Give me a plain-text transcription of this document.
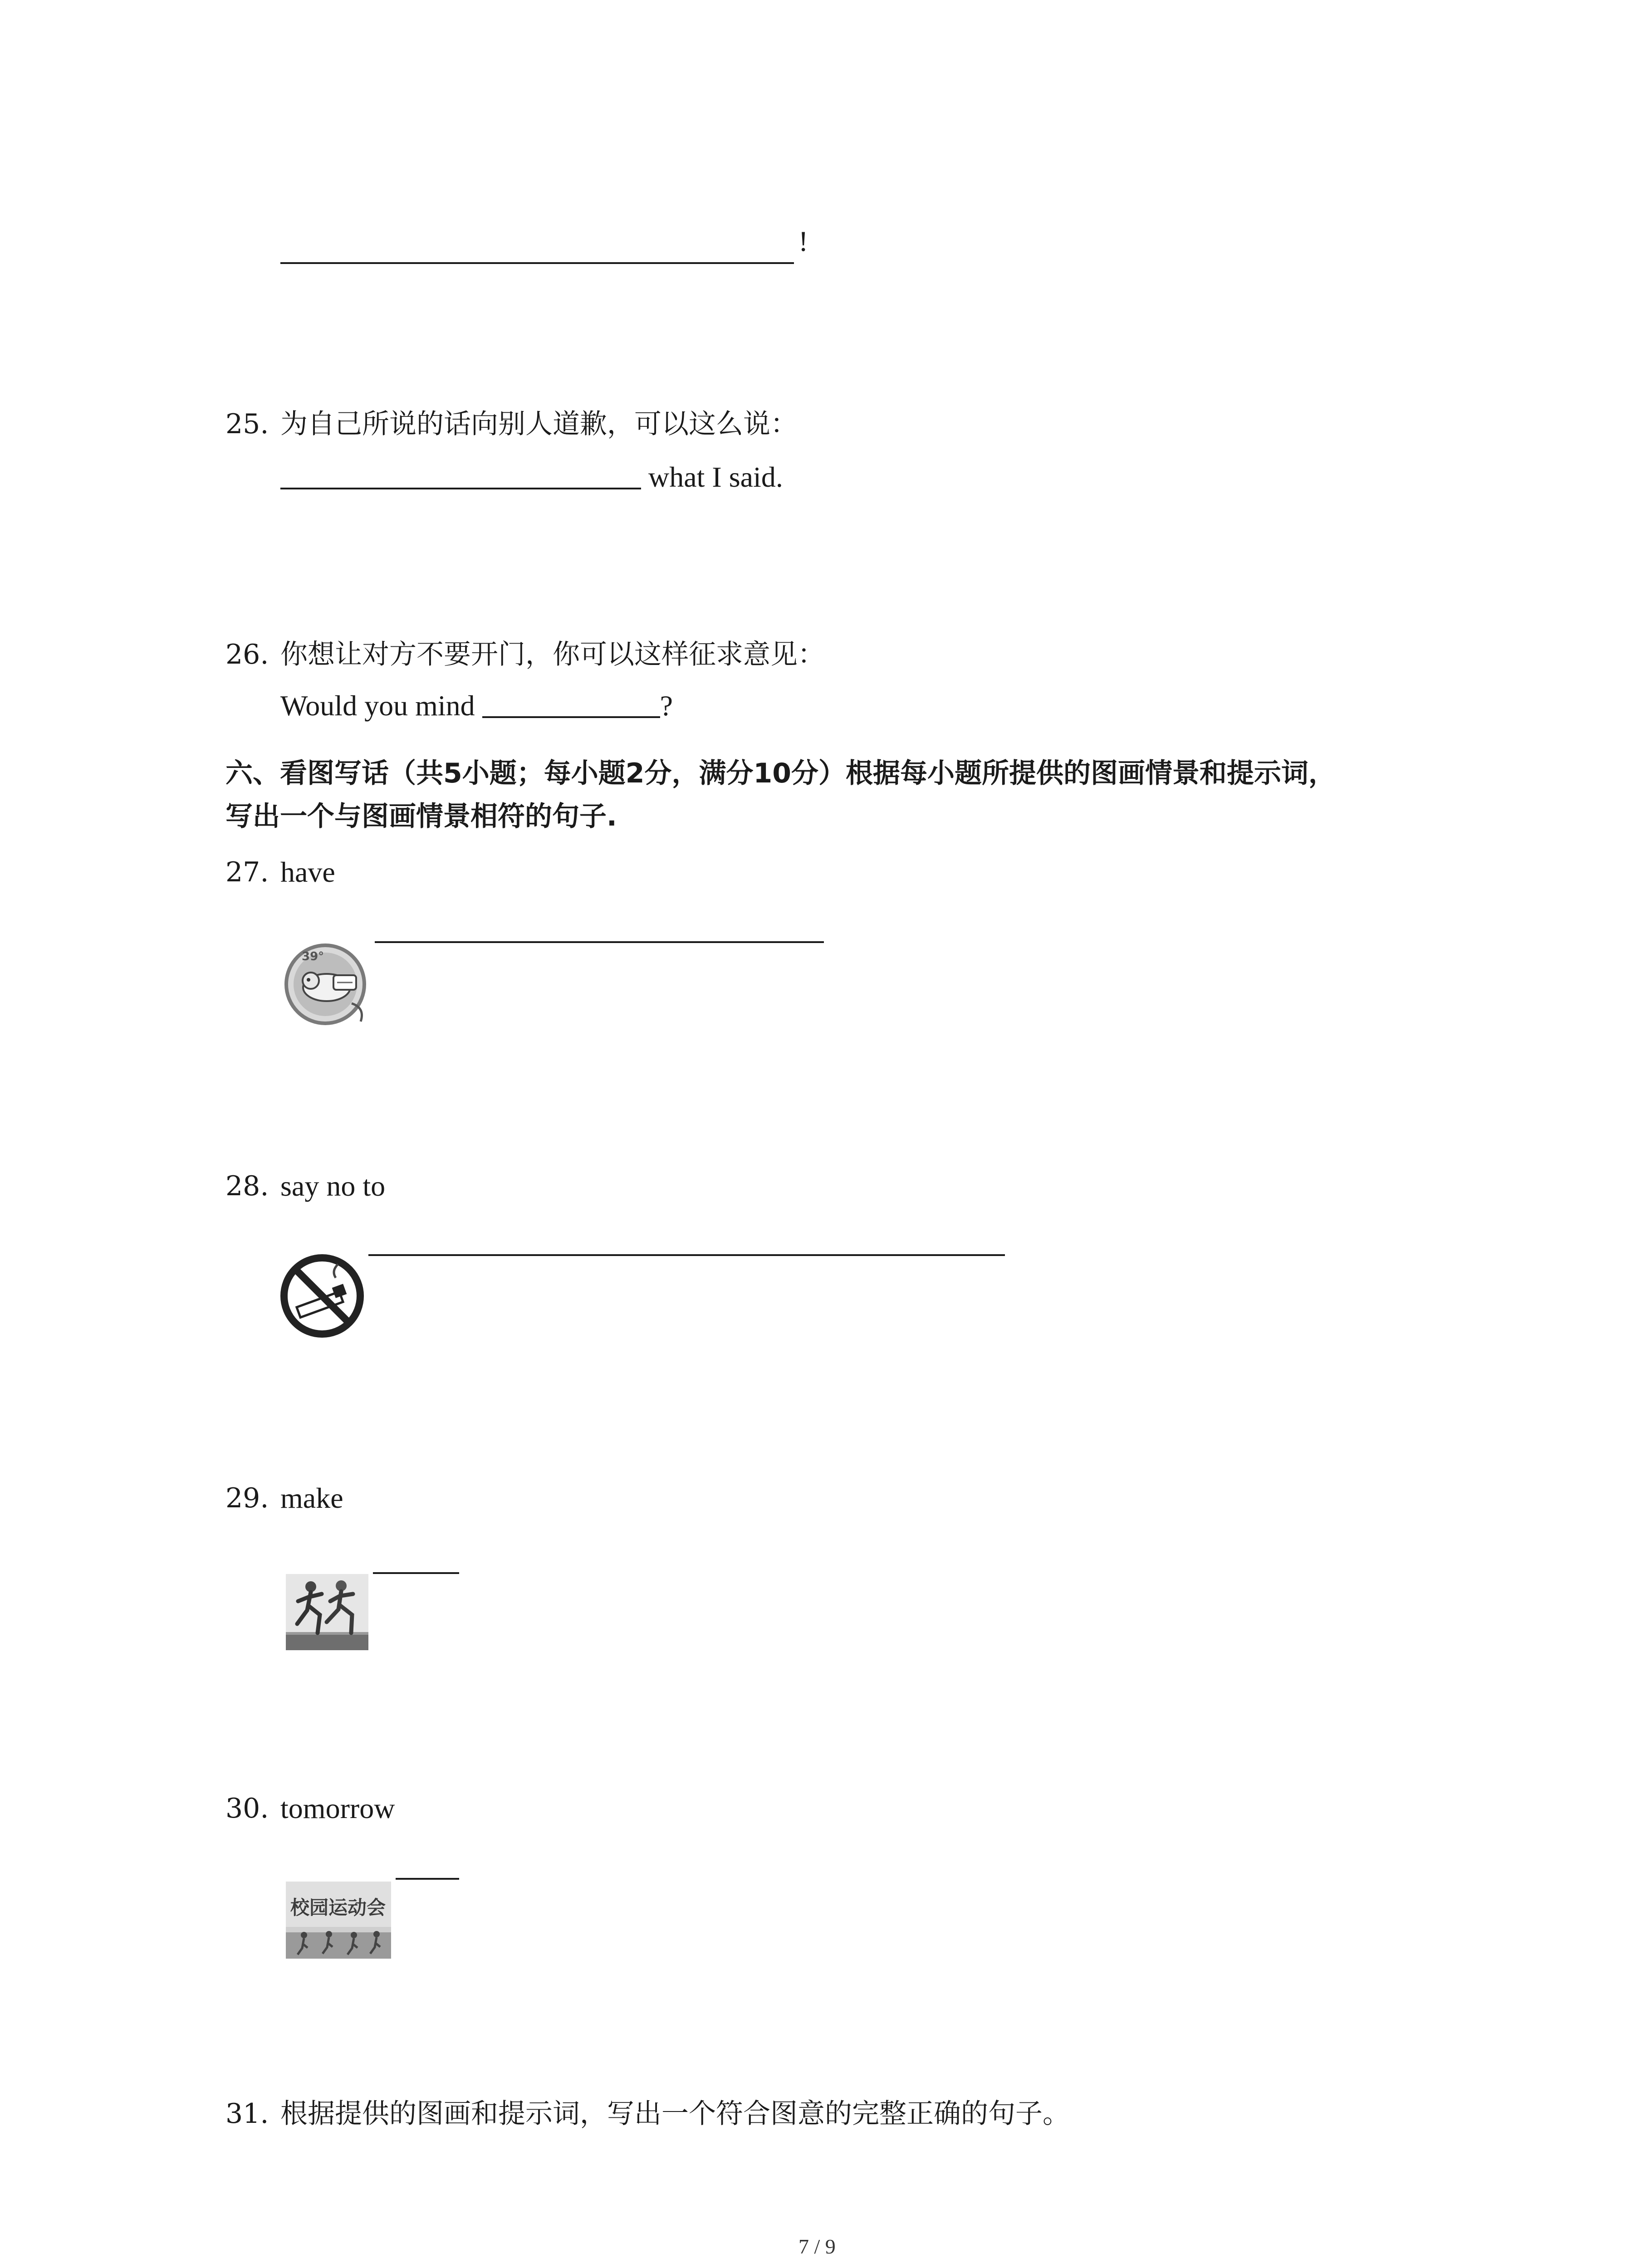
!
25. 为自己所说的话向别人道歉，可以这么说：
what I said.
26. 你想让对方不要开门，你可以这样征求意见：
Would you mind	?
六、看图写话（共5小题；每小题2分，满分10分）根据每小题所提供的图画情景和提示词，
写出一个与图画情景相符的句子.
27. have
39°
28. say no to
29. make
30. tomorrow
校园运动会
31. 根据提供的图画和提示词，写出一个符合图意的完整正确的句子。
7 / 9
